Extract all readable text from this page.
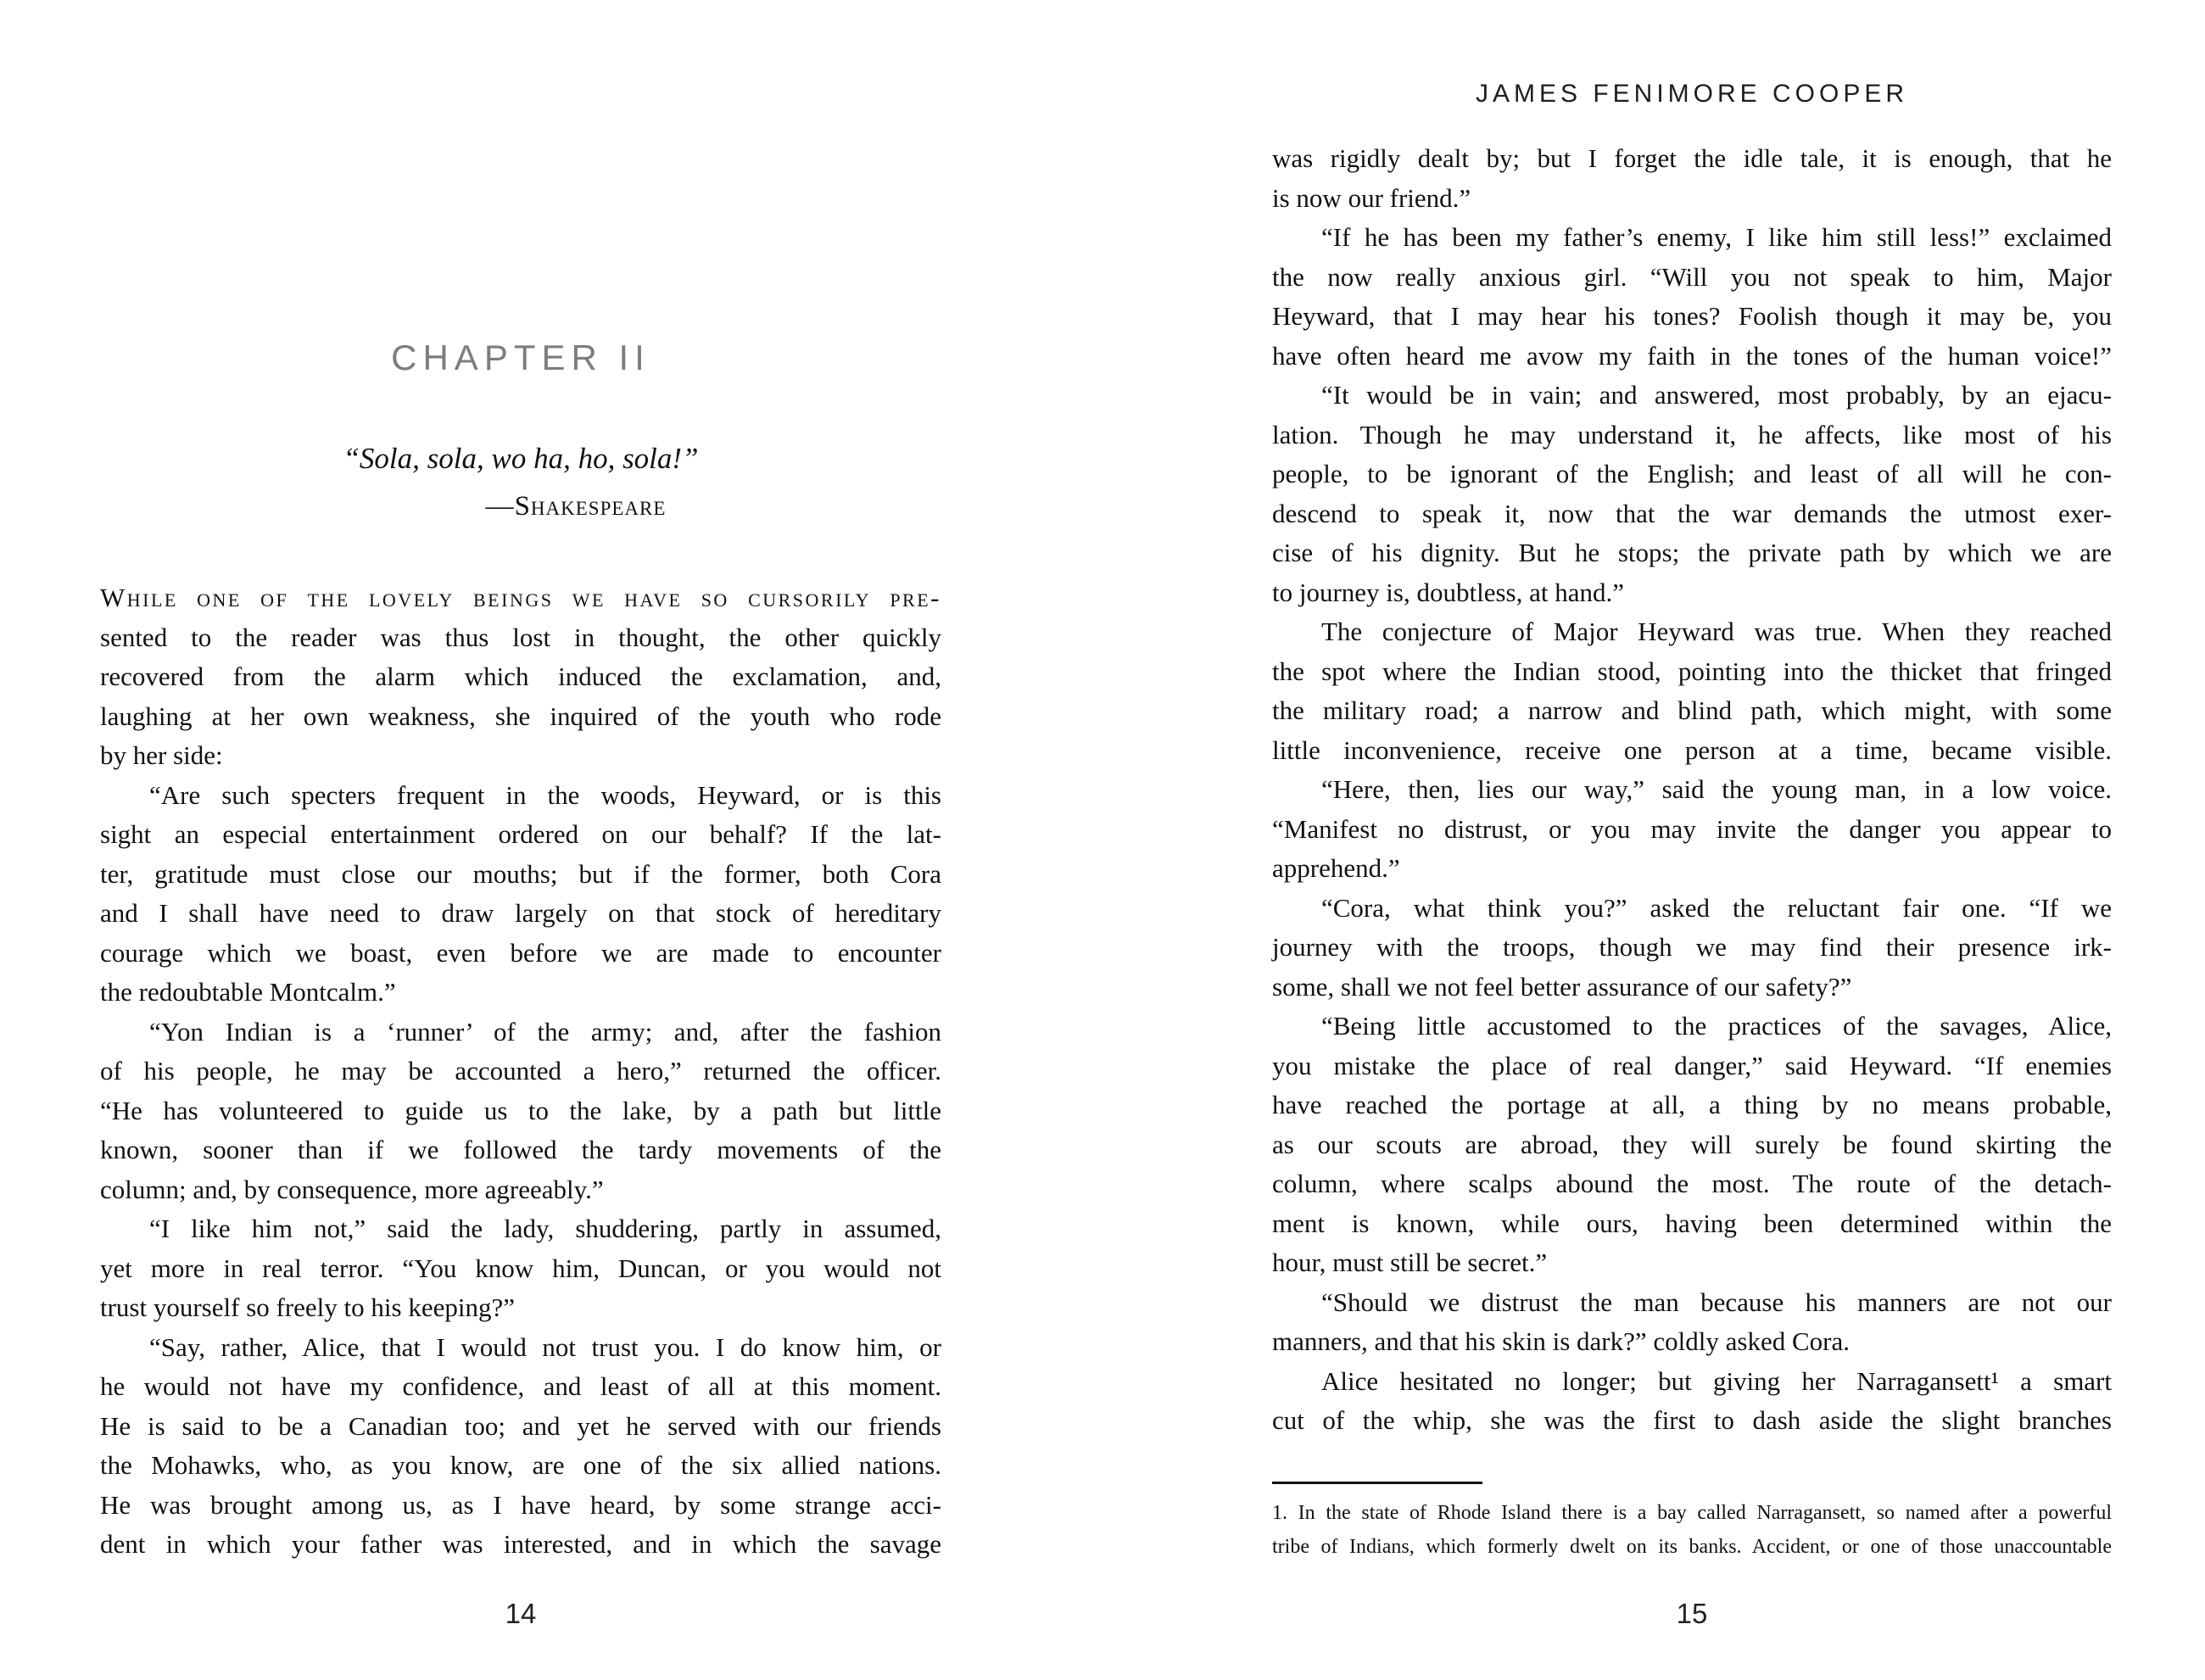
CHAPTER II
“Sola, sola, wo ha, ho, sola!”
—Shakespeare
While one of the lovely beings we have so cursorily pre-
sented to the reader was thus lost in thought, the other quickly
recovered from the alarm which induced the exclamation, and,
laughing at her own weakness, she inquired of the youth who rode
by her side:
“Are such specters frequent in the woods, Heyward, or is this
sight an especial entertainment ordered on our behalf? If the lat-
ter, gratitude must close our mouths; but if the former, both Cora
and I shall have need to draw largely on that stock of hereditary
courage which we boast, even before we are made to encounter
the redoubtable Montcalm.”
“Yon Indian is a ‘runner’ of the army; and, after the fashion
of his people, he may be accounted a hero,” returned the officer.
“He has volunteered to guide us to the lake, by a path but little
known, sooner than if we followed the tardy movements of the
column; and, by consequence, more agreeably.”
“I like him not,” said the lady, shuddering, partly in assumed,
yet more in real terror. “You know him, Duncan, or you would not
trust yourself so freely to his keeping?”
“Say, rather, Alice, that I would not trust you. I do know him, or
he would not have my confidence, and least of all at this moment.
He is said to be a Canadian too; and yet he served with our friends
the Mohawks, who, as you know, are one of the six allied nations.
He was brought among us, as I have heard, by some strange acci-
dent in which your father was interested, and in which the savage
14
JAMES FENIMORE COOPER
was rigidly dealt by; but I forget the idle tale, it is enough, that he
is now our friend.”
“If he has been my father’s enemy, I like him still less!” exclaimed
the now really anxious girl. “Will you not speak to him, Major
Heyward, that I may hear his tones? Foolish though it may be, you
have often heard me avow my faith in the tones of the human voice!”
“It would be in vain; and answered, most probably, by an ejacu-
lation. Though he may understand it, he affects, like most of his
people, to be ignorant of the English; and least of all will he con-
descend to speak it, now that the war demands the utmost exer-
cise of his dignity. But he stops; the private path by which we are
to journey is, doubtless, at hand.”
The conjecture of Major Heyward was true. When they reached
the spot where the Indian stood, pointing into the thicket that fringed
the military road; a narrow and blind path, which might, with some
little inconvenience, receive one person at a time, became visible.
“Here, then, lies our way,” said the young man, in a low voice.
“Manifest no distrust, or you may invite the danger you appear to
apprehend.”
“Cora, what think you?” asked the reluctant fair one. “If we
journey with the troops, though we may find their presence irk-
some, shall we not feel better assurance of our safety?”
“Being little accustomed to the practices of the savages, Alice,
you mistake the place of real danger,” said Heyward. “If enemies
have reached the portage at all, a thing by no means probable,
as our scouts are abroad, they will surely be found skirting the
column, where scalps abound the most. The route of the detach-
ment is known, while ours, having been determined within the
hour, must still be secret.”
“Should we distrust the man because his manners are not our
manners, and that his skin is dark?” coldly asked Cora.
Alice hesitated no longer; but giving her Narragansett¹ a smart
cut of the whip, she was the first to dash aside the slight branches
1. In the state of Rhode Island there is a bay called Narragansett, so named after a powerful
tribe of Indians, which formerly dwelt on its banks. Accident, or one of those unaccountable
15
